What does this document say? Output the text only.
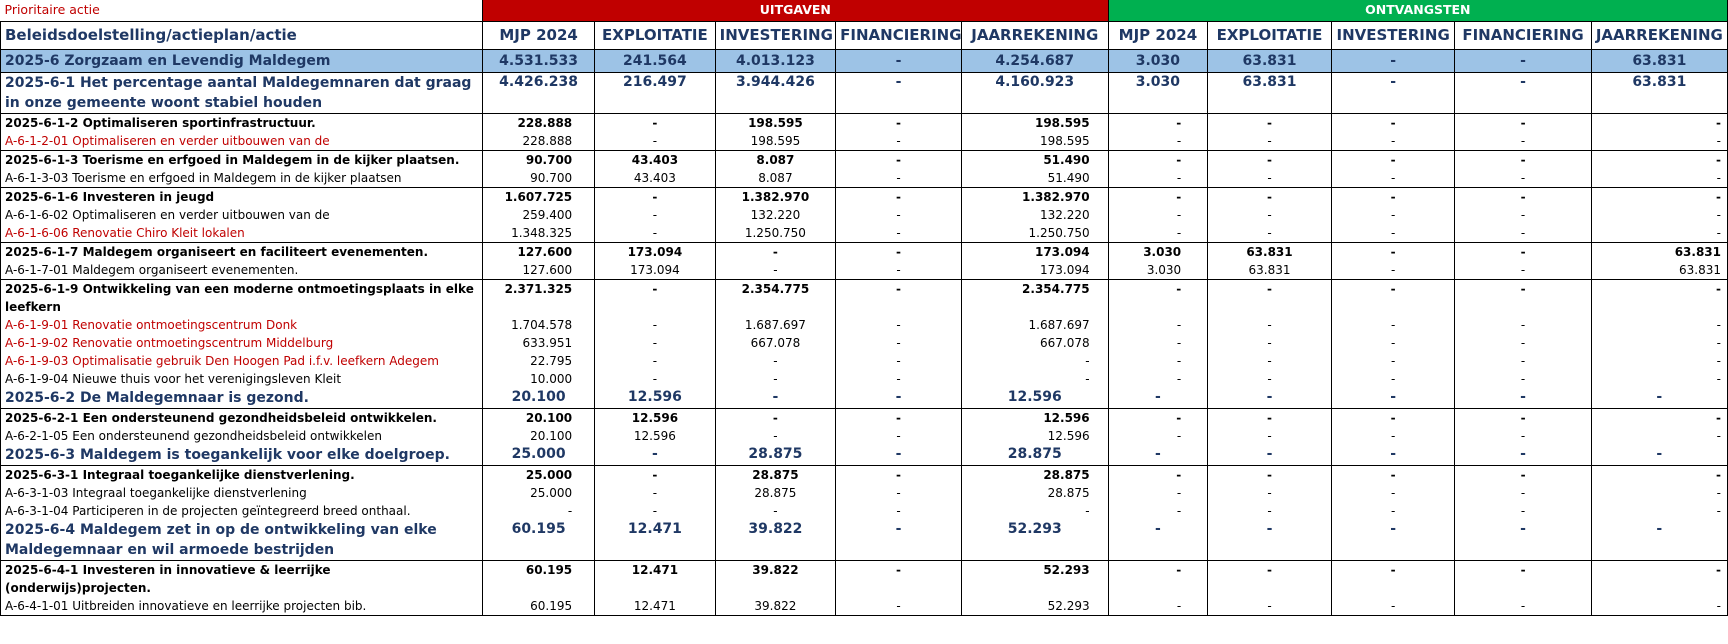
Prioritaire actie	UITGAVEN					ONTVANGSTEN				
Beleidsdoelstelling/actieplan/actie	MJP 2024	EXPLOITATIE	INVESTERING	FINANCIERING	JAARREKENING	MJP 2024	EXPLOITATIE	INVESTERING	FINANCIERING	JAARREKENING
2025-6 Zorgzaam en Levendig Maldegem	4.531.533	241.564	4.013.123	-	4.254.687	3.030	63.831	-	-	63.831
2025-6-1 Het percentage aantal Maldegemnaren dat graag in onze gemeente woont stabiel houden	4.426.238	216.497	3.944.426	-	4.160.923	3.030	63.831	-	-	63.831
2025-6-1-2 Optimaliseren sportinfrastructuur.	228.888	-	198.595	-	198.595	-	-	-	-	-
A-6-1-2-01 Optimaliseren en verder uitbouwen van de	228.888	-	198.595	-	198.595	-	-	-	-	-
2025-6-1-3 Toerisme en erfgoed in Maldegem in de kijker plaatsen.	90.700	43.403	8.087	-	51.490	-	-	-	-	-
A-6-1-3-03 Toerisme en erfgoed in Maldegem in de kijker plaatsen	90.700	43.403	8.087	-	51.490	-	-	-	-	-
2025-6-1-6 Investeren in jeugd	1.607.725	-	1.382.970	-	1.382.970	-	-	-	-	-
A-6-1-6-02 Optimaliseren en verder uitbouwen van de	259.400	-	132.220	-	132.220	-	-	-	-	-
A-6-1-6-06 Renovatie Chiro Kleit lokalen	1.348.325	-	1.250.750	-	1.250.750	-	-	-	-	-
2025-6-1-7 Maldegem organiseert en faciliteert evenementen.	127.600	173.094	-	-	173.094	3.030	63.831	-	-	63.831
A-6-1-7-01 Maldegem organiseert evenementen.	127.600	173.094	-	-	173.094	3.030	63.831	-	-	63.831
2025-6-1-9 Ontwikkeling van een moderne ontmoetingsplaats in elke leefkern	2.371.325	-	2.354.775	-	2.354.775	-	-	-	-	-
A-6-1-9-01 Renovatie ontmoetingscentrum Donk	1.704.578	-	1.687.697	-	1.687.697	-	-	-	-	-
A-6-1-9-02 Renovatie ontmoetingscentrum Middelburg	633.951	-	667.078	-	667.078	-	-	-	-	-
A-6-1-9-03 Optimalisatie gebruik Den Hoogen Pad i.f.v. leefkern Adegem	22.795	-	-	-	-	-	-	-	-	-
A-6-1-9-04 Nieuwe thuis voor het verenigingsleven Kleit	10.000	-	-	-	-	-	-	-	-	-
2025-6-2 De Maldegemnaar is gezond.	20.100	12.596	-	-	12.596	-	-	-	-	-
2025-6-2-1 Een ondersteunend gezondheidsbeleid ontwikkelen.	20.100	12.596	-	-	12.596	-	-	-	-	-
A-6-2-1-05 Een ondersteunend gezondheidsbeleid ontwikkelen	20.100	12.596	-	-	12.596	-	-	-	-	-
2025-6-3 Maldegem is toegankelijk voor elke doelgroep.	25.000	-	28.875	-	28.875	-	-	-	-	-
2025-6-3-1 Integraal toegankelijke dienstverlening.	25.000	-	28.875	-	28.875	-	-	-	-	-
A-6-3-1-03 Integraal toegankelijke dienstverlening	25.000	-	28.875	-	28.875	-	-	-	-	-
A-6-3-1-04 Participeren in de projecten geïntegreerd breed onthaal.	-	-	-	-	-	-	-	-	-	-
2025-6-4 Maldegem zet in op de ontwikkeling van elke Maldegemnaar en wil armoede bestrijden	60.195	12.471	39.822	-	52.293	-	-	-	-	-
2025-6-4-1 Investeren in innovatieve & leerrijke (onderwijs)projecten.	60.195	12.471	39.822	-	52.293	-	-	-	-	-
A-6-4-1-01 Uitbreiden innovatieve en leerrijke projecten bib.	60.195	12.471	39.822	-	52.293	-	-	-	-	-
